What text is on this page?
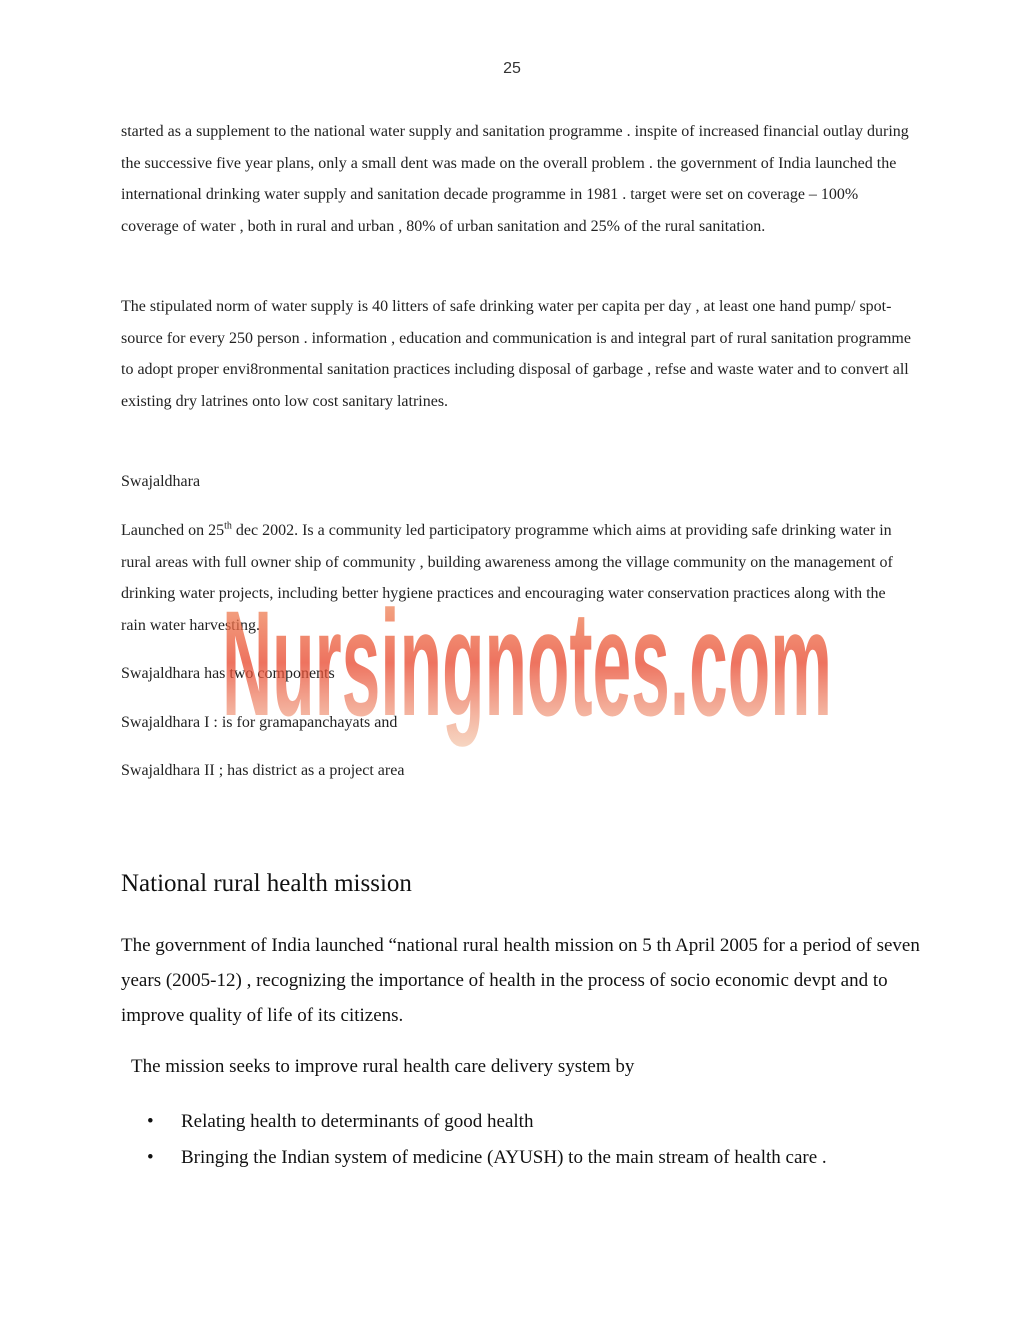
25

started as a supplement to the national water supply and sanitation programme . inspite of increased financial outlay during the successive five year plans, only a small dent was made on the overall problem . the government of India launched the international drinking water supply and sanitation decade programme in 1981 . target were set on coverage – 100% coverage of water , both in rural and urban , 80% of urban sanitation and 25% of the rural sanitation.

The stipulated norm of water supply is 40 litters of safe drinking water per capita per day , at least one hand pump/ spot- source for every 250 person . information , education and communication is and integral part of rural sanitation programme to adopt proper envi8ronmental sanitation practices including disposal of garbage , refse and waste water and to convert all existing dry latrines onto low cost sanitary latrines.

Swajaldhara

Launched on 25th dec 2002. Is a community led participatory programme which aims at providing safe drinking water in rural areas with full owner ship of community , building awareness among the village community on the management of drinking water projects, including better hygiene practices and encouraging water conservation practices along with the rain water harvesting.

Swajaldhara has two components

Swajaldhara I : is for gramapanchayats and

Swajaldhara II ; has district as a project area

National rural health mission

The government of India launched “national rural health mission on 5 th April 2005 for a period of seven years (2005-12) , recognizing the importance of health in the process of socio economic devpt and to improve quality of life of its citizens.

The mission seeks to improve rural health care delivery system by

• Relating health to determinants of good health
• Bringing the Indian system of medicine (AYUSH) to the main stream of health care .
Nursingnotes.com
